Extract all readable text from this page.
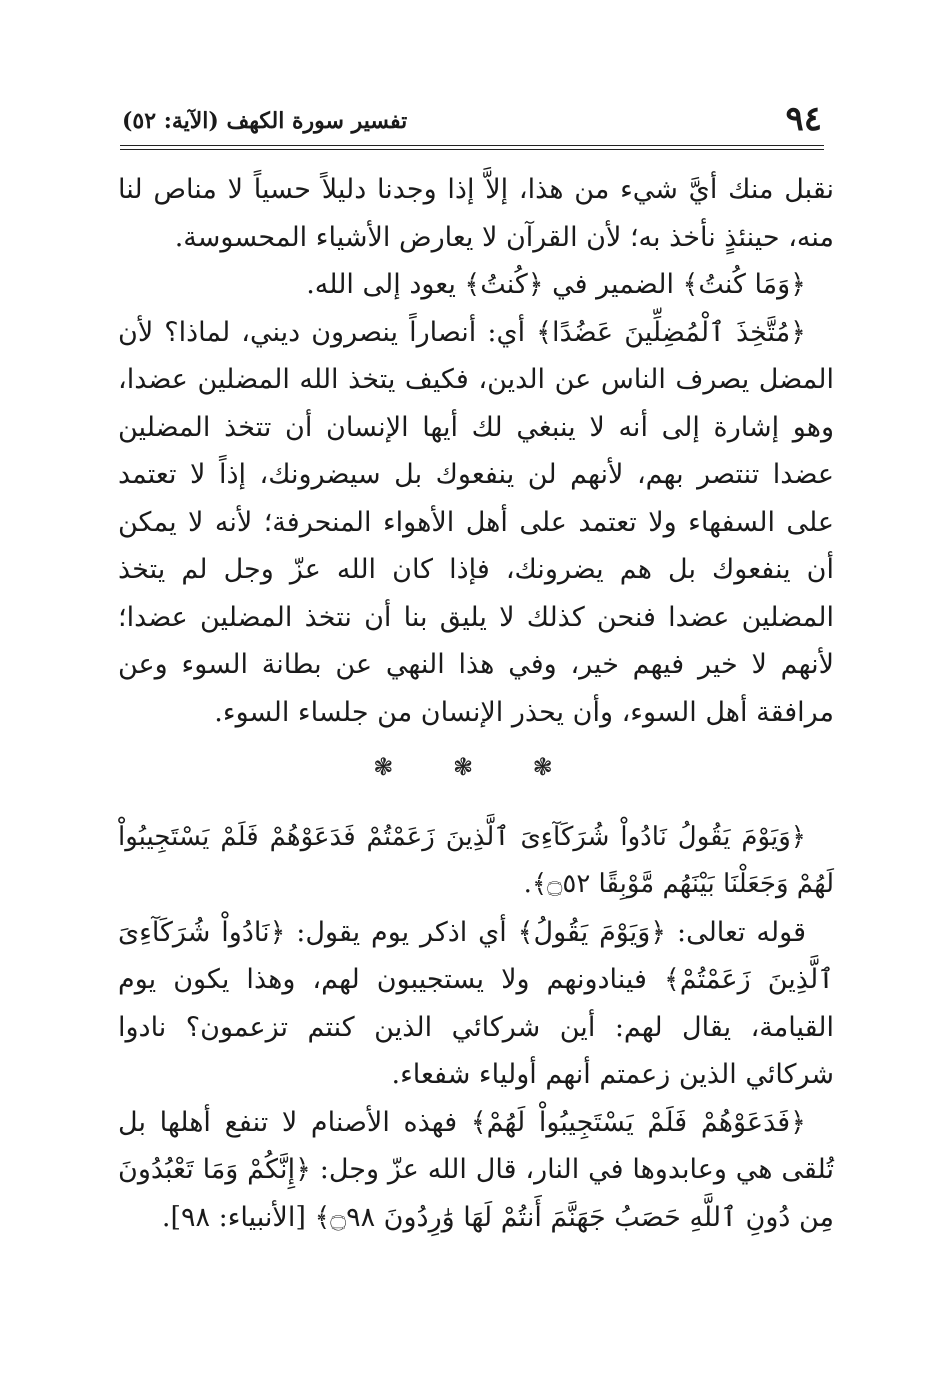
٩٤
تفسير سورة الكهف (الآية: ٥٢)

نقبل منك أيَّ شيء من هذا، إلاَّ إذا وجدنا دليلاً حسياً لا مناص لنا منه، حينئذٍ نأخذ به؛ لأن القرآن لا يعارض الأشياء المحسوسة.

﴿وَمَا كُنتُ﴾ الضمير في ﴿كُنتُ﴾ يعود إلى الله.

﴿مُتَّخِذَ ٱلْمُضِلِّينَ عَضُدًا﴾ أي: أنصاراً ينصرون ديني، لماذا؟ لأن المضل يصرف الناس عن الدين، فكيف يتخذ الله المضلين عضدا، وهو إشارة إلى أنه لا ينبغي لك أيها الإنسان أن تتخذ المضلين عضدا تنتصر بهم، لأنهم لن ينفعوك بل سيضرونك، إذاً لا تعتمد على السفهاء ولا تعتمد على أهل الأهواء المنحرفة؛ لأنه لا يمكن أن ينفعوك بل هم يضرونك، فإذا كان الله عزّ وجل لم يتخذ المضلين عضدا فنحن كذلك لا يليق بنا أن نتخذ المضلين عضدا؛ لأنهم لا خير فيهم خير، وفي هذا النهي عن بطانة السوء وعن مرافقة أهل السوء، وأن يحذر الإنسان من جلساء السوء.

❃ ❃ ❃

﴿وَيَوْمَ يَقُولُ نَادُواْ شُرَكَآءِىَ ٱلَّذِينَ زَعَمْتُمْ فَدَعَوْهُمْ فَلَمْ يَسْتَجِيبُواْ لَهُمْ وَجَعَلْنَا بَيْنَهُم مَّوْبِقًا ۝٥٢﴾.

قوله تعالى: ﴿وَيَوْمَ يَقُولُ﴾ أي اذكر يوم يقول: ﴿نَادُواْ شُرَكَآءِىَ ٱلَّذِينَ زَعَمْتُمْ﴾ فينادونهم ولا يستجيبون لهم، وهذا يكون يوم القيامة، يقال لهم: أين شركائي الذين كنتم تزعمون؟ نادوا شركائي الذين زعمتم أنهم أولياء شفعاء.

﴿فَدَعَوْهُمْ فَلَمْ يَسْتَجِيبُواْ لَهُمْ﴾ فهذه الأصنام لا تنفع أهلها بل تُلقى هي وعابدوها في النار، قال الله عزّ وجل: ﴿إِنَّكُمْ وَمَا تَعْبُدُونَ مِن دُونِ ٱللَّهِ حَصَبُ جَهَنَّمَ أَنتُمْ لَهَا وَٰرِدُونَ ۝٩٨﴾ [الأنبياء: ٩٨].
